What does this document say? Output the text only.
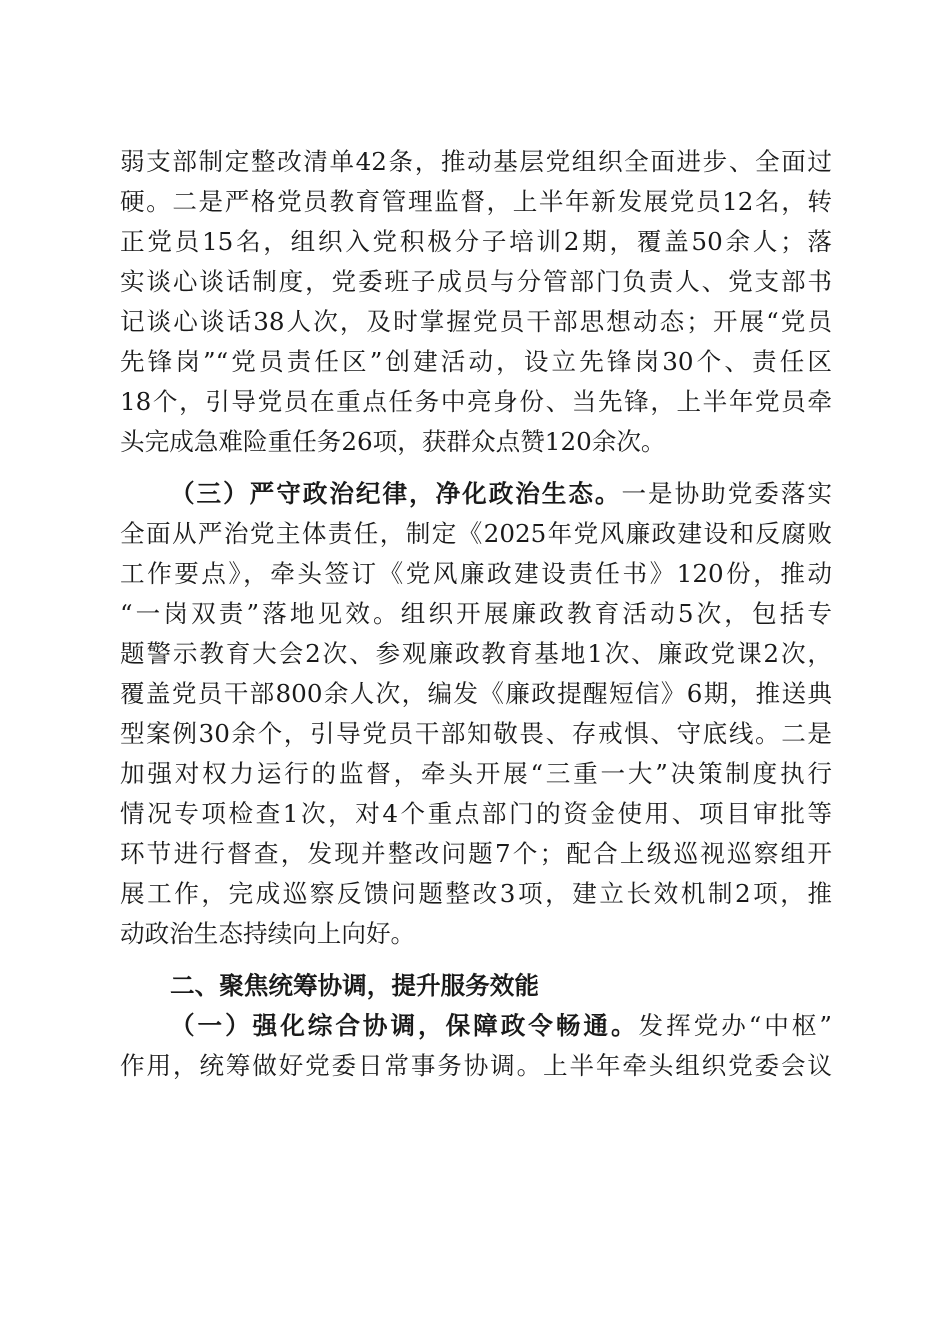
弱支部制定整改清单42条，推动基层党组织全面进步、全面过
硬。二是严格党员教育管理监督，上半年新发展党员12名，转
正党员15名，组织入党积极分子培训2期，覆盖50余人；落
实谈心谈话制度，党委班子成员与分管部门负责人、党支部书
记谈心谈话38人次，及时掌握党员干部思想动态；开展“党员
先锋岗”“党员责任区”创建活动，设立先锋岗30个、责任区
18个，引导党员在重点任务中亮身份、当先锋，上半年党员牵
头完成急难险重任务26项，获群众点赞120余次。
（三）严守政治纪律，净化政治生态。一是协助党委落实
全面从严治党主体责任，制定《2025年党风廉政建设和反腐败
工作要点》，牵头签订《党风廉政建设责任书》120份，推动
“一岗双责”落地见效。组织开展廉政教育活动5次，包括专
题警示教育大会2次、参观廉政教育基地1次、廉政党课2次，
覆盖党员干部800余人次，编发《廉政提醒短信》6期，推送典
型案例30余个，引导党员干部知敬畏、存戒惧、守底线。二是
加强对权力运行的监督，牵头开展“三重一大”决策制度执行
情况专项检查1次，对4个重点部门的资金使用、项目审批等
环节进行督查，发现并整改问题7个；配合上级巡视巡察组开
展工作，完成巡察反馈问题整改3项，建立长效机制2项，推
动政治生态持续向上向好。
二、聚焦统筹协调，提升服务效能
（一）强化综合协调，保障政令畅通。发挥党办“中枢”
作用，统筹做好党委日常事务协调。上半年牵头组织党委会议
